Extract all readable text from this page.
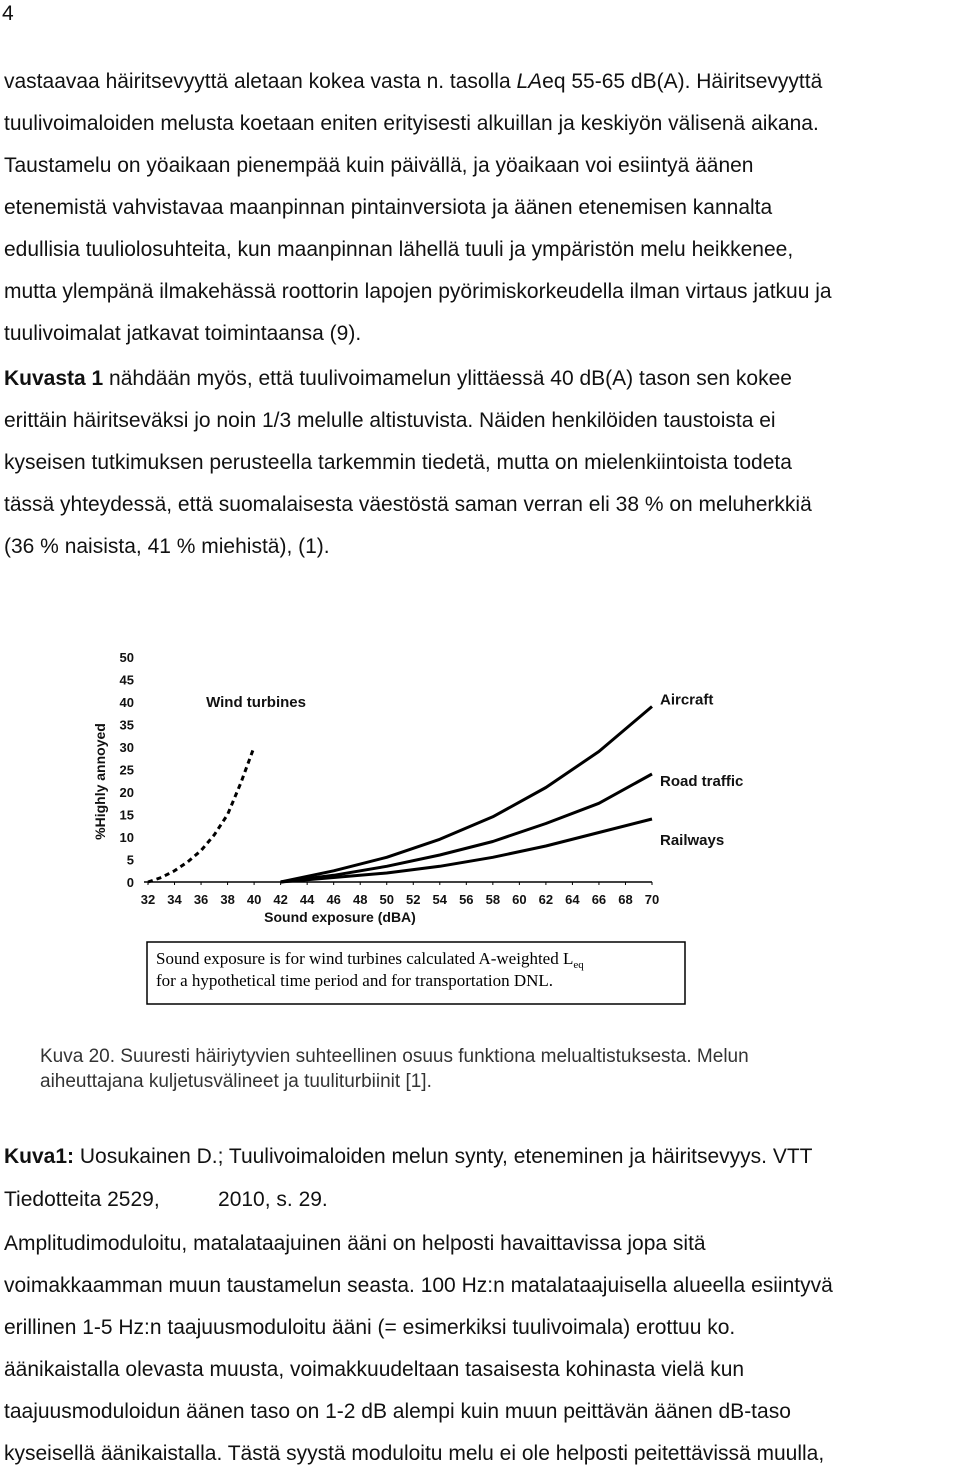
4
vastaavaa häiritsevyyttä aletaan kokea vasta n. tasolla LAeq 55-65 dB(A). Häiritsevyyttä
tuulivoimaloiden melusta koetaan eniten erityisesti alkuillan ja keskiyön välisenä aikana.
Taustamelu on yöaikaan pienempää kuin päivällä, ja yöaikaan voi esiintyä äänen
etenemistä vahvistavaa maanpinnan pintainversiota ja äänen etenemisen kannalta
edullisia tuuliolosuhteita, kun maanpinnan lähellä tuuli ja ympäristön melu heikkenee,
mutta ylempänä ilmakehässä roottorin lapojen pyörimiskorkeudella ilman virtaus jatkuu ja
tuulivoimalat jatkavat toimintaansa (9).
Kuvasta 1 nähdään myös, että tuulivoimamelun ylittäessä 40 dB(A) tason sen kokee
erittäin häiritseväksi jo noin 1/3 melulle altistuvista. Näiden henkilöiden taustoista ei
kyseisen tutkimuksen perusteella tarkemmin tiedetä, mutta on mielenkiintoista todeta
tässä yhteydessä, että suomalaisesta väestöstä saman verran eli 38 % on meluherkkiä
(36 % naisista, 41 % miehistä), (1).
0
5
10
15
20
25
30
35
40
45
50
32 34 36 38 40 42 44 46 48 50 52 54 56 58 60 62 64 66 68 70
Sound exposure (dBA)
%Highly annoyed
Wind turbines	Aircraft
Road traffic
Railways
Sound exposure is for wind turbines calculated A-weighted $L_{eq}$
for a hypothetical time period and for transportation DNL.
Kuva 20. Suuresti häiriytyvien suhteellinen osuus funktiona melualtistuksesta. Melun
aiheuttajana kuljetusvälineet ja tuuliturbiinit [1].
Kuva1: Uosukainen D.; Tuulivoimaloiden melun synty, eteneminen ja häiritsevyys. VTT
Tiedotteita 2529,          2010, s. 29.
Amplitudimoduloitu, matalataajuinen ääni on helposti havaittavissa jopa sitä
voimakkaamman muun taustamelun seasta. 100 Hz:n matalataajuisella alueella esiintyvä
erillinen 1-5 Hz:n taajuusmoduloitu ääni (= esimerkiksi tuulivoimala) erottuu ko.
äänikaistalla olevasta muusta, voimakkuudeltaan tasaisesta kohinasta vielä kun
taajuusmoduloidun äänen taso on 1-2 dB alempi kuin muun peittävän äänen dB-taso
kyseisellä äänikaistalla. Tästä syystä moduloitu melu ei ole helposti peitettävissä muulla,
